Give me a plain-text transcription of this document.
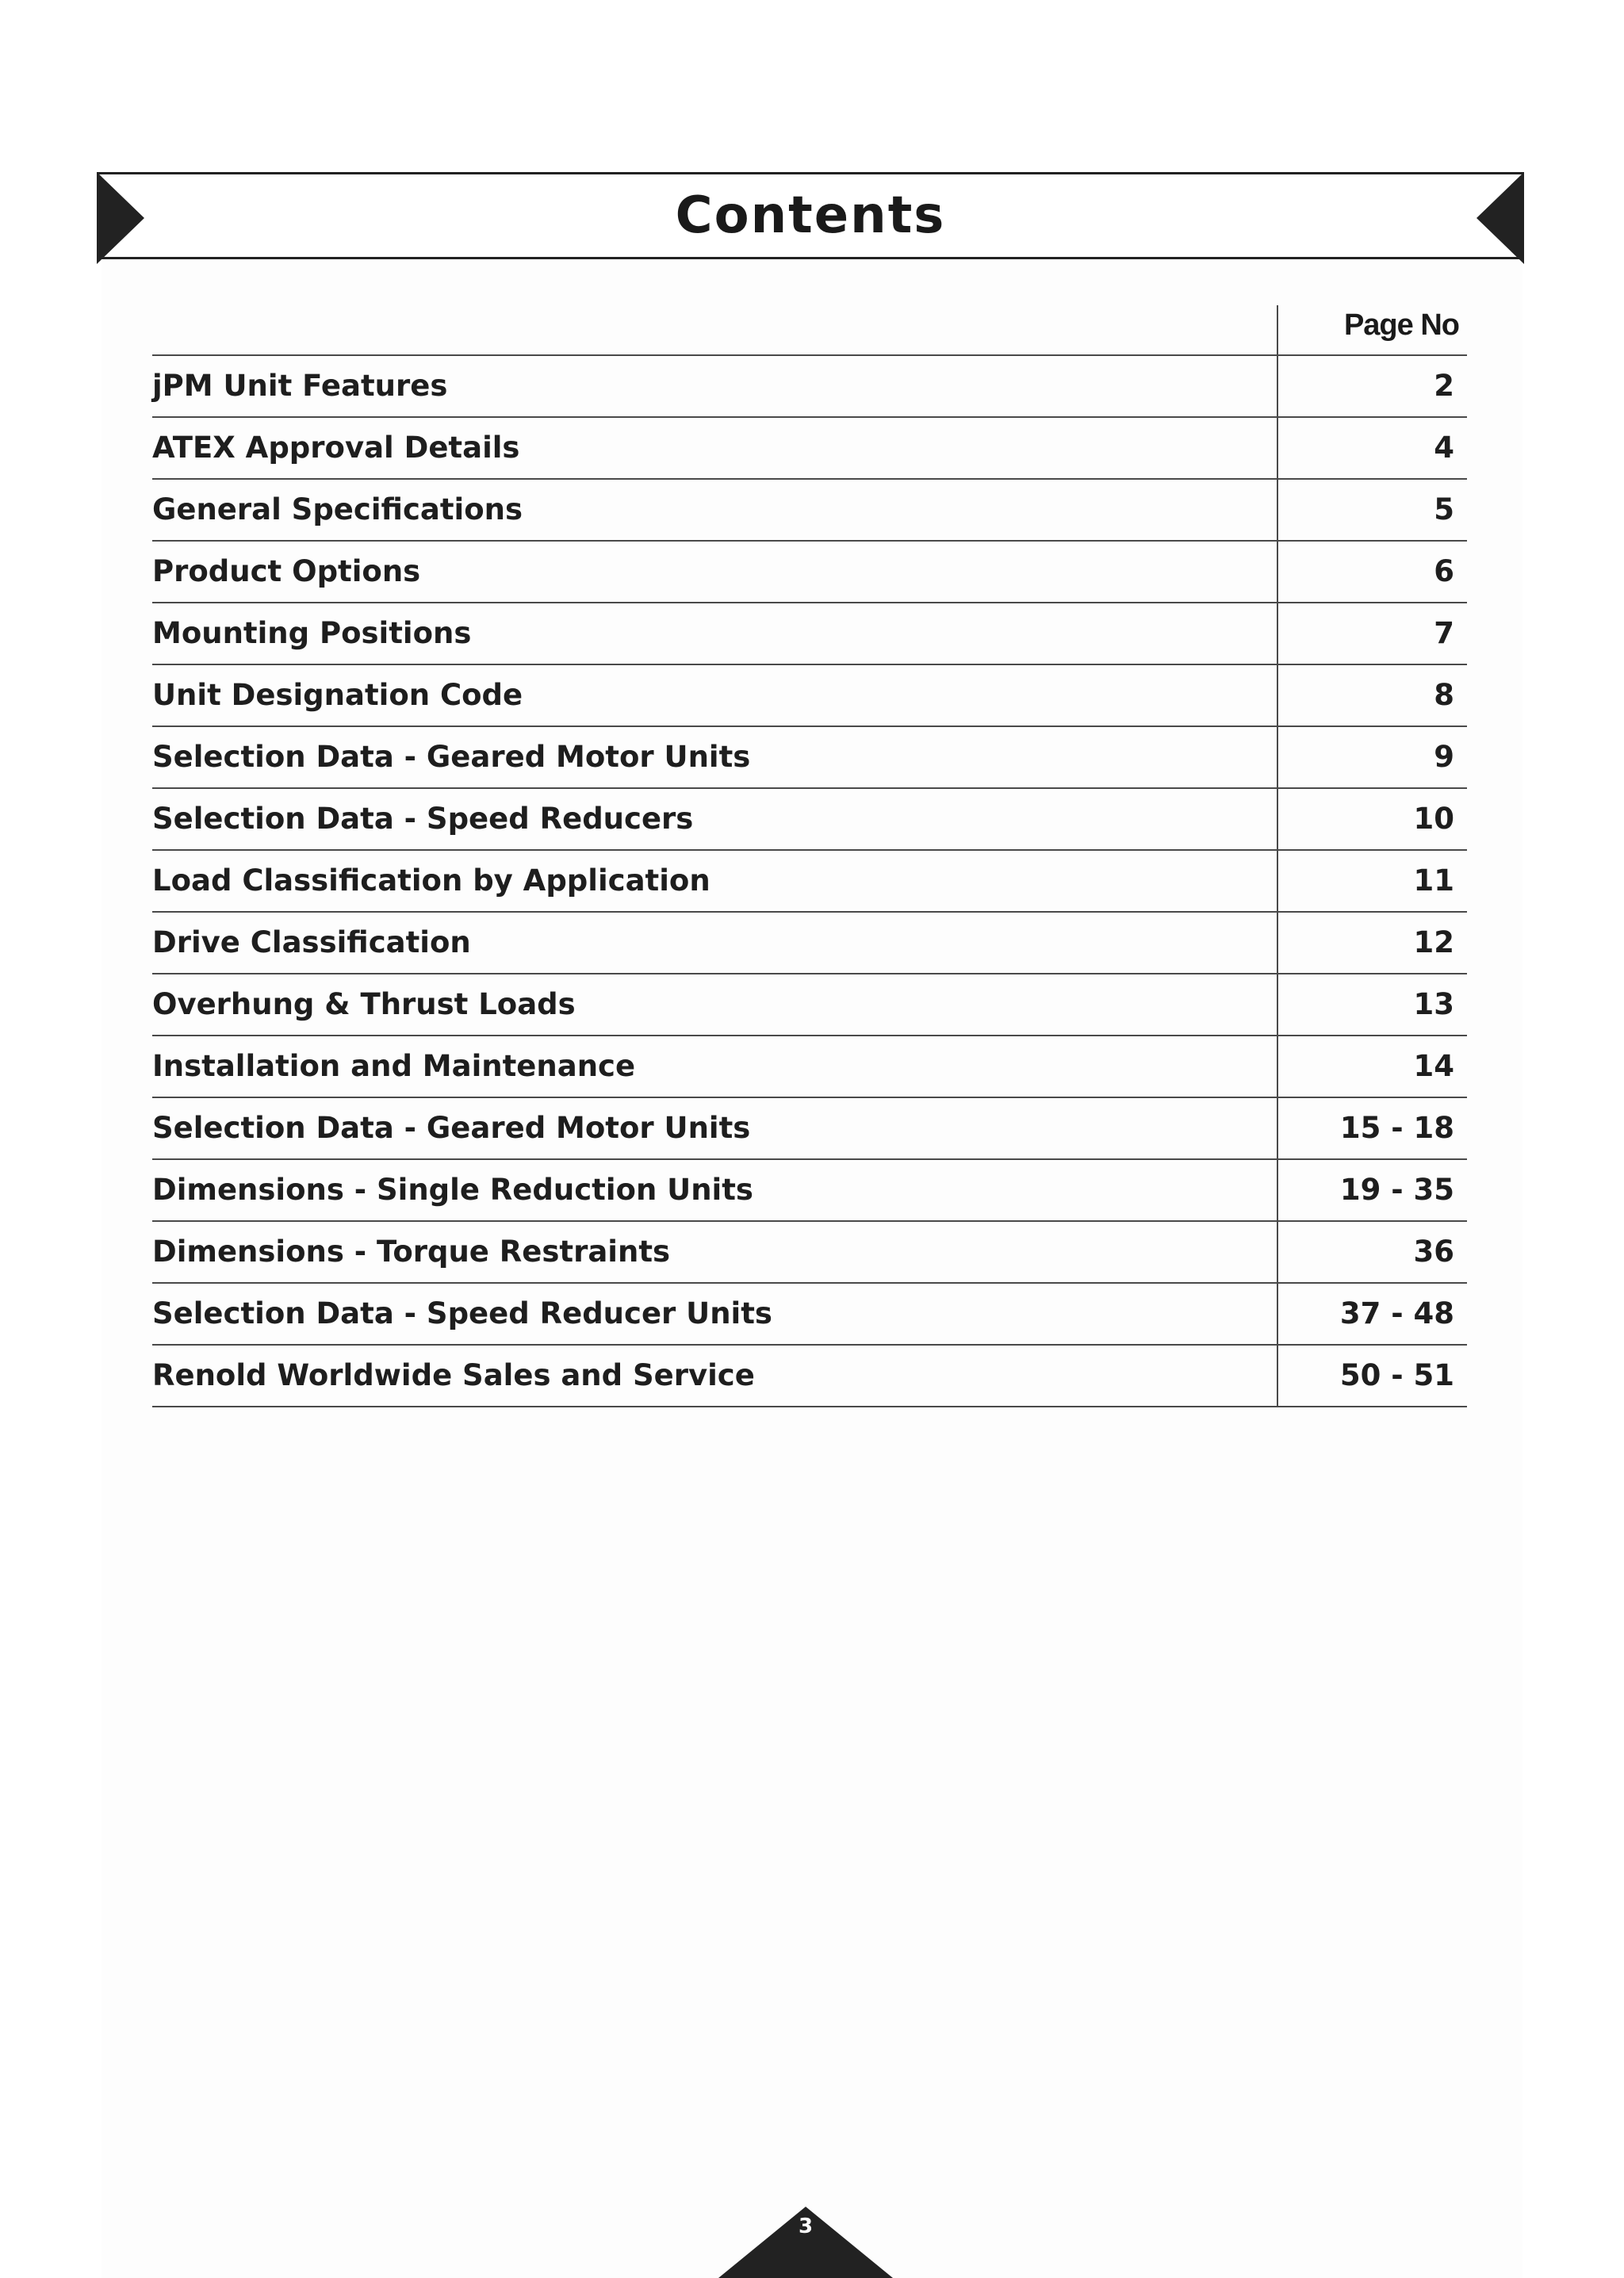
Contents
Page No
jPM Unit Features	2
ATEX Approval Details	4
General Specifications	5
Product Options	6
Mounting Positions	7
Unit Designation Code	8
Selection Data - Geared Motor Units	9
Selection Data - Speed Reducers	10
Load Classification by Application	11
Drive Classification	12
Overhung & Thrust Loads	13
Installation and Maintenance	14
Selection Data - Geared Motor Units	15 - 18
Dimensions - Single Reduction Units	19 - 35
Dimensions - Torque Restraints	36
Selection Data - Speed Reducer Units	37 - 48
Renold Worldwide Sales and Service	50 - 51
3
